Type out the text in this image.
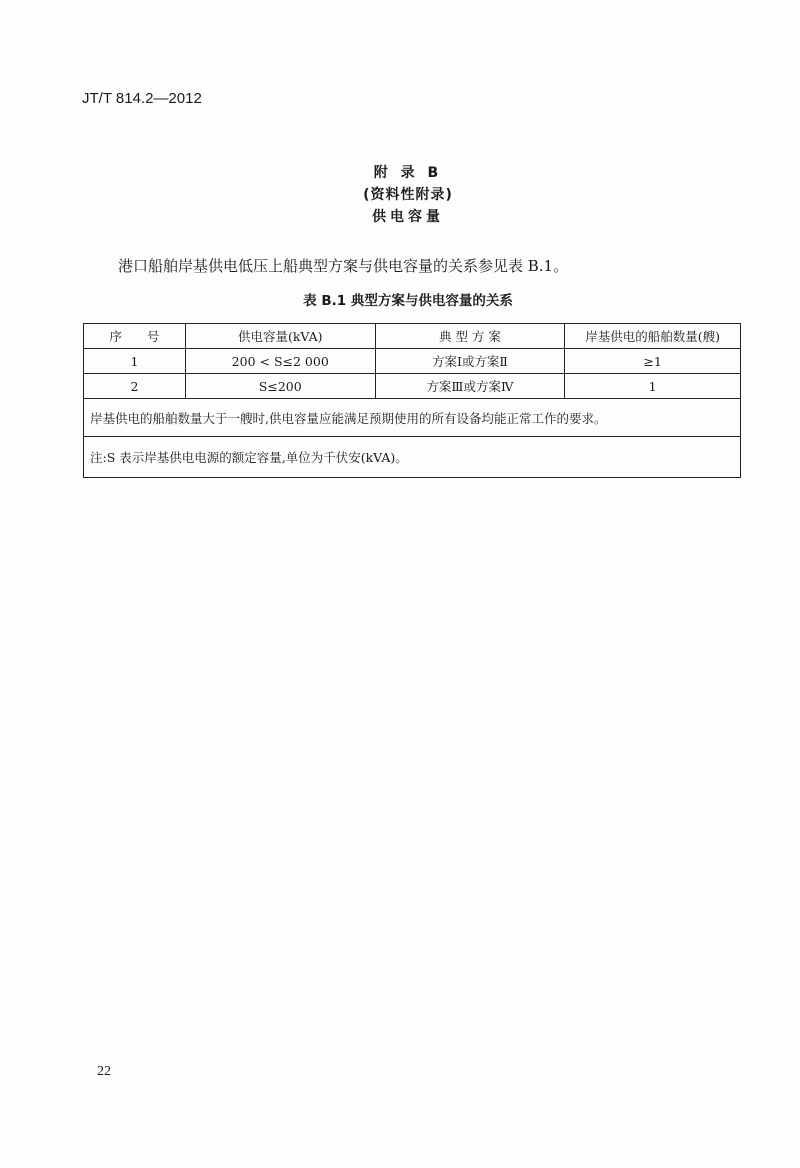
JT/T 814.2—2012
附 录 B
(资料性附录)
供电容量
港口船舶岸基供电低压上船典型方案与供电容量的关系参见表 B.1。
表 B.1 典型方案与供电容量的关系
序　　号	供电容量(kVA)	典 型 方 案	岸基供电的船舶数量(艘)
1	200 < S≤2 000	方案Ⅰ或方案Ⅱ	≥1
2	S≤200	方案Ⅲ或方案Ⅳ	1
岸基供电的船舶数量大于一艘时,供电容量应能满足预期使用的所有设备均能正常工作的要求。			
注:S 表示岸基供电电源的额定容量,单位为千伏安(kVA)。			
22
